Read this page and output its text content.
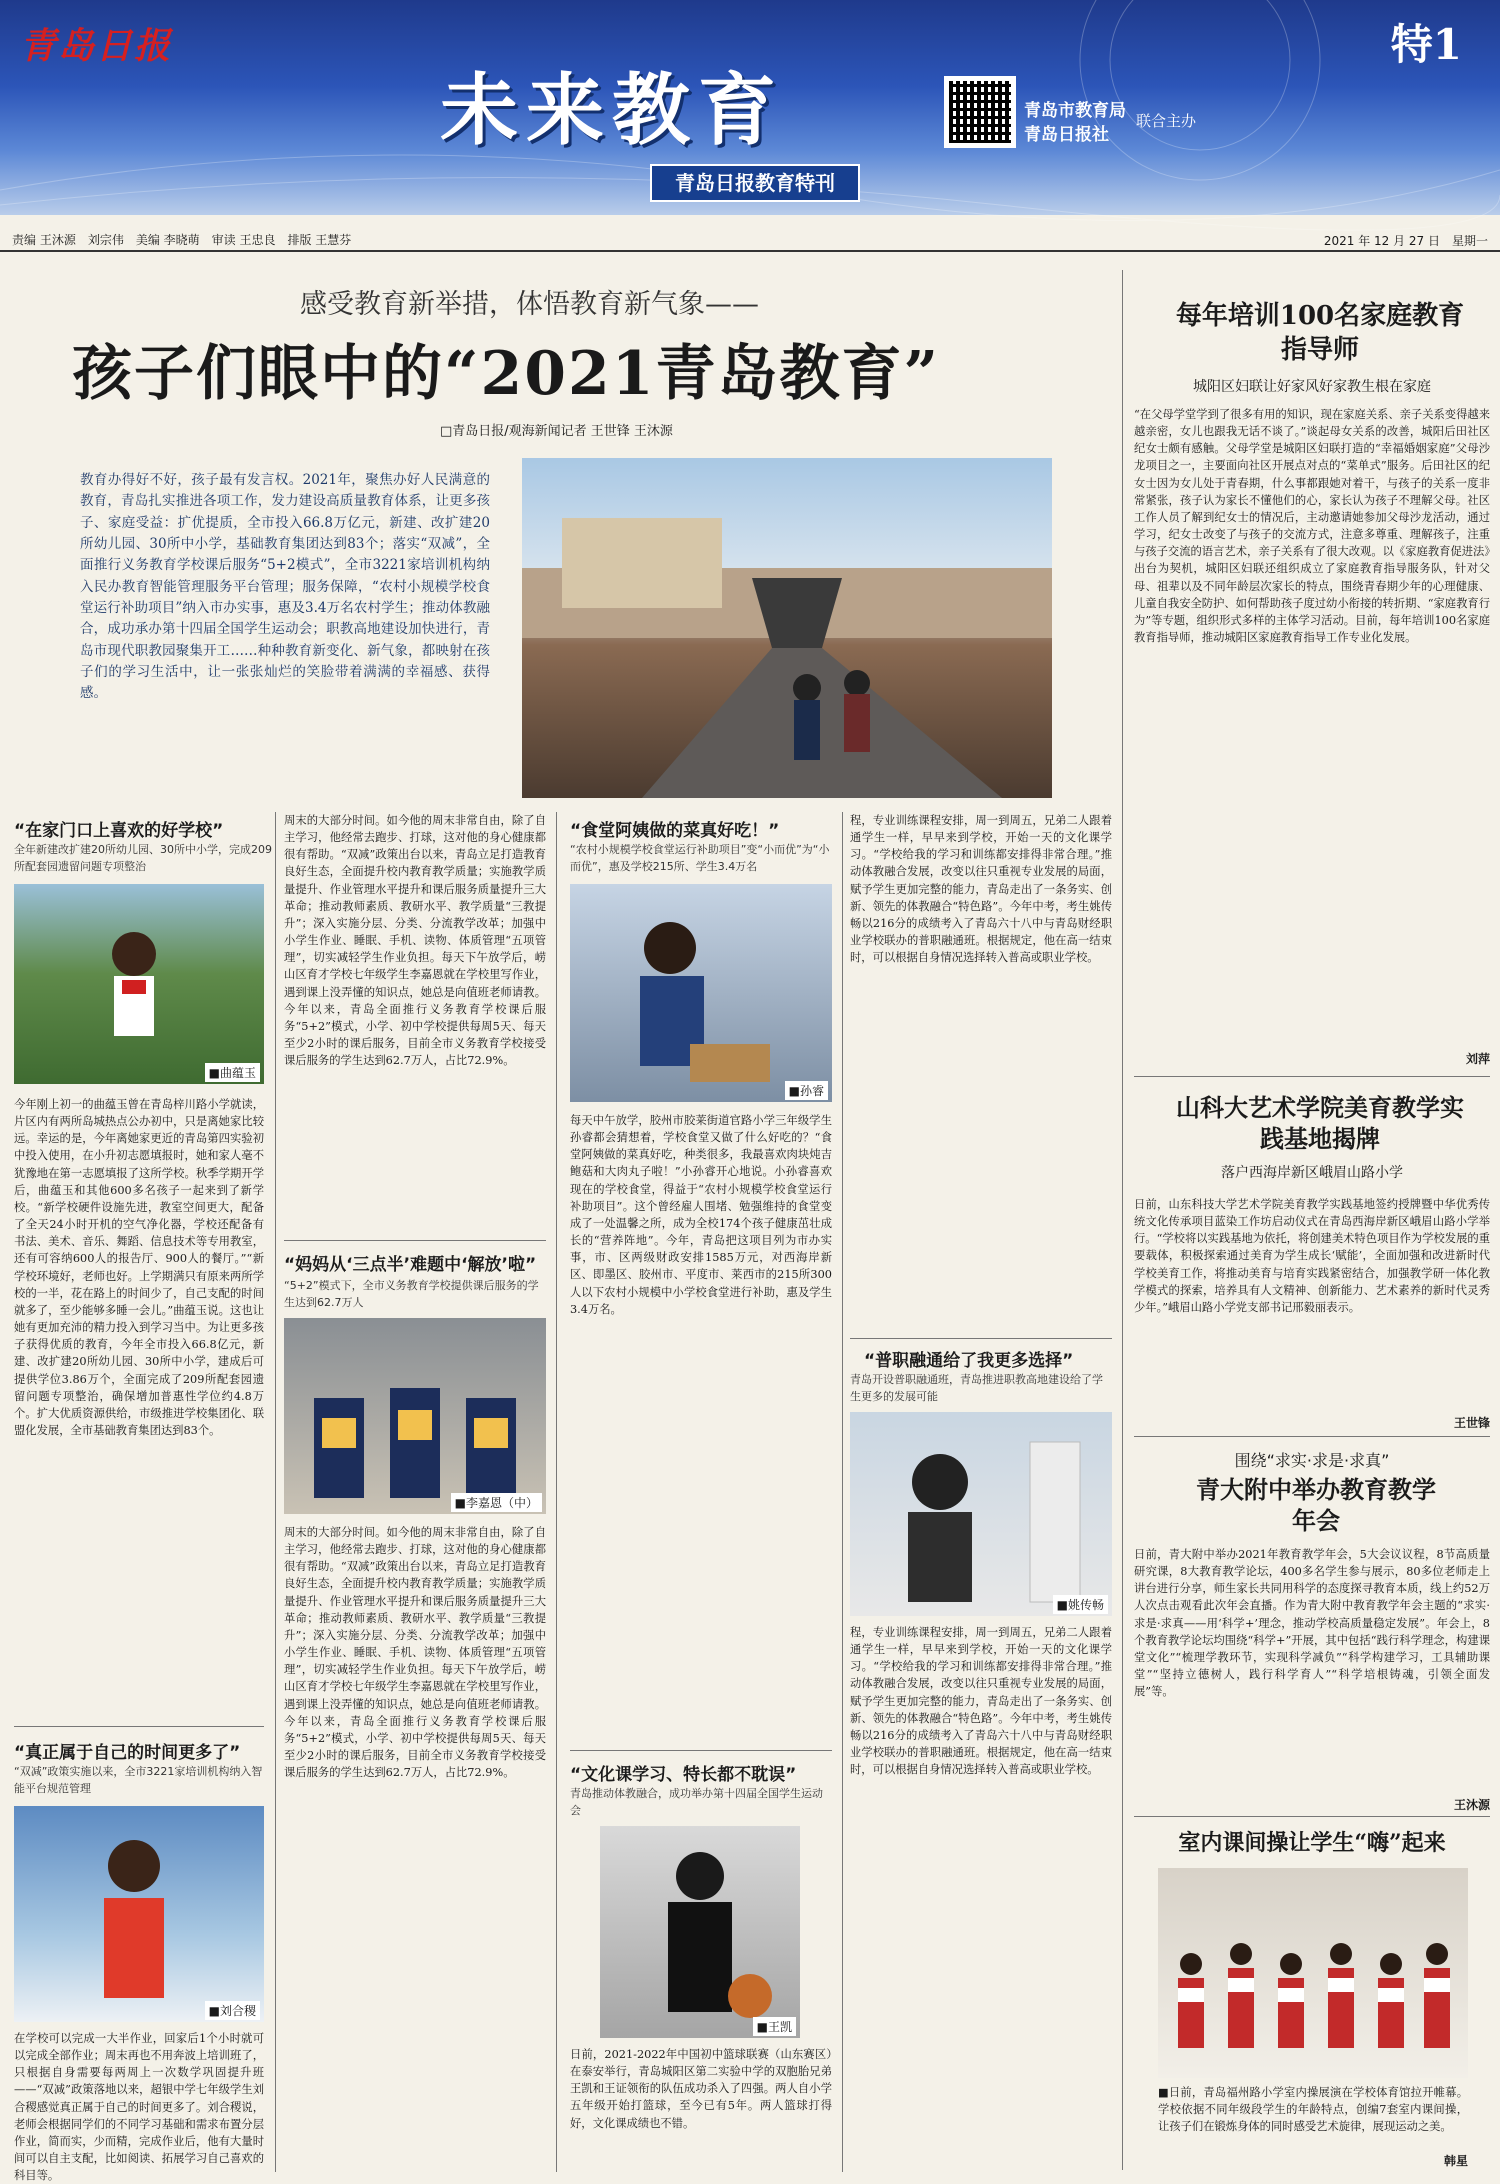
青岛日报
未来教育
特1
青岛市教育局
青岛日报社
联合主办
青岛日报教育特刊
责编 王沐源　刘宗伟　美编 李晓萌　审读 王忠良　排版 王慧芬	2021 年 12 月 27 日　星期一
感受教育新举措，体悟教育新气象——
孩子们眼中的“2021青岛教育”
□青岛日报/观海新闻记者 王世锋 王沐源
教育办得好不好，孩子最有发言权。2021年，聚焦办好人民满意的教育，青岛扎实推进各项工作，发力建设高质量教育体系，让更多孩子、家庭受益：扩优提质，全市投入66.8万亿元，新建、改扩建20所幼儿园、30所中小学，基础教育集团达到83个；落实“双减”，全面推行义务教育学校课后服务“5+2模式”，全市3221家培训机构纳入民办教育智能管理服务平台管理；服务保障，“农村小规模学校食堂运行补助项目”纳入市办实事，惠及3.4万名农村学生；推动体教融合，成功承办第十四届全国学生运动会；职教高地建设加快进行，青岛市现代职教园聚集开工……种种教育新变化、新气象，都映射在孩子们的学习生活中，让一张张灿烂的笑脸带着满满的幸福感、获得感。
“在家门口上喜欢的好学校”
全年新建改扩建20所幼儿园、30所中小学，完成209所配套园遗留问题专项整治
■曲蕴玉
今年刚上初一的曲蕴玉曾在青岛梓川路小学就读，片区内有两所岛城热点公办初中，只是离她家比较远。幸运的是，今年离她家更近的青岛第四实验初中投入使用，在小升初志愿填报时，她和家人毫不犹豫地在第一志愿填报了这所学校。秋季学期开学后，曲蕴玉和其他600多名孩子一起来到了新学校。“新学校硬件设施先进，教室空间更大，配备了全天24小时开机的空气净化器，学校还配备有书法、美术、音乐、舞蹈、信息技术等专用教室，还有可容纳600人的报告厅、900人的餐厅。”“新学校环境好，老师也好。上学期满只有原来两所学校的一半，花在路上的时间少了，自己支配的时间就多了，至少能够多睡一会儿。”曲蕴玉说。这也让她有更加充沛的精力投入到学习当中。为让更多孩子获得优质的教育，今年全市投入66.8亿元，新建、改扩建20所幼儿园、30所中小学，建成后可提供学位3.86万个，全面完成了209所配套园遗留问题专项整治，确保增加普惠性学位约4.8万个。扩大优质资源供给，市级推进学校集团化、联盟化发展，全市基础教育集团达到83个。
“真正属于自己的时间更多了”
“双减”政策实施以来，全市3221家培训机构纳入智能平台规范管理
■刘合稷
在学校可以完成一大半作业，回家后1个小时就可以完成全部作业；周末再也不用奔波上培训班了，只根据自身需要每两周上一次数学巩固提升班——“双减”政策落地以来，超银中学七年级学生刘合稷感觉真正属于自己的时间更多了。刘合稷说，老师会根据同学们的不同学习基础和需求布置分层作业，简而实，少而精，完成作业后，他有大量时间可以自主支配，比如阅读、拓展学习自己喜欢的科目等。
周末的大部分时间。如今他的周末非常自由，除了自主学习，他经常去跑步、打球，这对他的身心健康都很有帮助。“双减”政策出台以来，青岛立足打造教育良好生态，全面提升校内教育教学质量；实施教学质量提升、作业管理水平提升和课后服务质量提升三大革命；推动教师素质、教研水平、教学质量“三教提升”；深入实施分层、分类、分流教学改革；加强中小学生作业、睡眠、手机、读物、体质管理“五项管理”，切实减轻学生作业负担。每天下午放学后，崂山区育才学校七年级学生李嘉恩就在学校里写作业，遇到课上没弄懂的知识点，她总是向值班老师请教。今年以来，青岛全面推行义务教育学校课后服务“5+2”模式，小学、初中学校提供每周5天、每天至少2小时的课后服务，目前全市义务教育学校接受课后服务的学生达到62.7万人，占比72.9%。
“妈妈从‘三点半’难题中‘解放’啦”
“5+2”模式下，全市义务教育学校提供课后服务的学生达到62.7万人
■李嘉恩（中）
周末的大部分时间。如今他的周末非常自由，除了自主学习，他经常去跑步、打球，这对他的身心健康都很有帮助。“双减”政策出台以来，青岛立足打造教育良好生态，全面提升校内教育教学质量；实施教学质量提升、作业管理水平提升和课后服务质量提升三大革命；推动教师素质、教研水平、教学质量“三教提升”；深入实施分层、分类、分流教学改革；加强中小学生作业、睡眠、手机、读物、体质管理“五项管理”，切实减轻学生作业负担。每天下午放学后，崂山区育才学校七年级学生李嘉恩就在学校里写作业，遇到课上没弄懂的知识点，她总是向值班老师请教。今年以来，青岛全面推行义务教育学校课后服务“5+2”模式，小学、初中学校提供每周5天、每天至少2小时的课后服务，目前全市义务教育学校接受课后服务的学生达到62.7万人，占比72.9%。
“食堂阿姨做的菜真好吃！”
“农村小规模学校食堂运行补助项目”变“小而优”为“小而优”，惠及学校215所、学生3.4万名
■孙睿
每天中午放学，胶州市胶莱街道官路小学三年级学生孙睿都会猜想着，学校食堂又做了什么好吃的？“食堂阿姨做的菜真好吃，种类很多，我最喜欢肉块炖吉鲍菇和大肉丸子啦！”小孙睿开心地说。小孙睿喜欢现在的学校食堂，得益于“农村小规模学校食堂运行补助项目”。这个曾经雇人围堵、勉强维持的食堂变成了一处温馨之所，成为全校174个孩子健康茁壮成长的“营养阵地”。今年，青岛把这项目列为市办实事，市、区两级财政安排1585万元，对西海岸新区、即墨区、胶州市、平度市、莱西市的215所300人以下农村小规模中小学校食堂进行补助，惠及学生3.4万名。
“文化课学习、特长都不耽误”
青岛推动体教融合，成功举办第十四届全国学生运动会
■王凯
日前，2021-2022年中国初中篮球联赛（山东赛区）在泰安举行，青岛城阳区第二实验中学的双胞胎兄弟王凯和王证领衔的队伍成功杀入了四强。两人自小学五年级开始打篮球，至今已有5年。两人篮球打得好，文化课成绩也不错。
程，专业训练课程安排，周一到周五，兄弟二人跟着通学生一样，早早来到学校，开始一天的文化课学习。“学校给我的学习和训练都安排得非常合理。”推动体教融合发展，改变以往只重视专业发展的局面，赋予学生更加完整的能力，青岛走出了一条务实、创新、领先的体教融合“特色路”。今年中考，考生姚传畅以216分的成绩考入了青岛六十八中与青岛财经职业学校联办的普职融通班。根据规定，他在高一结束时，可以根据自身情况选择转入普高或职业学校。
“普职融通给了我更多选择”
青岛开设普职融通班，青岛推进职教高地建设给了学生更多的发展可能
■姚传畅
程，专业训练课程安排，周一到周五，兄弟二人跟着通学生一样，早早来到学校，开始一天的文化课学习。“学校给我的学习和训练都安排得非常合理。”推动体教融合发展，改变以往只重视专业发展的局面，赋予学生更加完整的能力，青岛走出了一条务实、创新、领先的体教融合“特色路”。今年中考，考生姚传畅以216分的成绩考入了青岛六十八中与青岛财经职业学校联办的普职融通班。根据规定，他在高一结束时，可以根据自身情况选择转入普高或职业学校。
每年培训100名家庭教育指导师
城阳区妇联让好家风好家教生根在家庭
“在父母学堂学到了很多有用的知识，现在家庭关系、亲子关系变得越来越亲密，女儿也跟我无话不谈了。”谈起母女关系的改善，城阳后田社区纪女士颇有感触。父母学堂是城阳区妇联打造的“幸福婚姻家庭”父母沙龙项目之一，主要面向社区开展点对点的“菜单式”服务。后田社区的纪女士因为女儿处于青春期，什么事都跟她对着干，与孩子的关系一度非常紧张，孩子认为家长不懂他们的心，家长认为孩子不理解父母。社区工作人员了解到纪女士的情况后，主动邀请她参加父母沙龙活动，通过学习，纪女士改变了与孩子的交流方式，注意多尊重、理解孩子，注重与孩子交流的语言艺术，亲子关系有了很大改观。以《家庭教育促进法》出台为契机，城阳区妇联还组织成立了家庭教育指导服务队，针对父母、祖辈以及不同年龄层次家长的特点，围绕青春期少年的心理健康、儿童自我安全防护、如何帮助孩子度过幼小衔接的转折期、“家庭教育行为”等专题，组织形式多样的主体学习活动。目前，每年培训100名家庭教育指导师，推动城阳区家庭教育指导工作专业化发展。
刘萍
山科大艺术学院美育教学实践基地揭牌
落户西海岸新区峨眉山路小学
日前，山东科技大学艺术学院美育教学实践基地签约授牌暨中华优秀传统文化传承项目蓝染工作坊启动仪式在青岛西海岸新区峨眉山路小学举行。“学校将以实践基地为依托，将创建美术特色项目作为学校发展的重要载体，积极探索通过美育为学生成长‘赋能’，全面加强和改进新时代学校美育工作，将推动美育与培育实践紧密结合，加强教学研一体化教学模式的探索，培养具有人文精神、创新能力、艺术素养的新时代灵秀少年。”峨眉山路小学党支部书记邢毅丽表示。
王世锋
围绕“求实·求是·求真”
青大附中举办教育教学年会
日前，青大附中举办2021年教育教学年会，5大会议议程，8节高质量研究课，8大教育教学论坛，400多名学生参与展示，80多位老师走上讲台进行分享，师生家长共同用科学的态度探寻教育本质，线上约52万人次点击观看此次年会直播。作为青大附中教育教学年会主题的“求实·求是·求真——用‘科学+’理念，推动学校高质量稳定发展”。年会上，8个教育教学论坛均围绕“科学+”开展，其中包括“践行科学理念，构建课堂文化”“梳理学教环节，实现科学减负”“科学构建学习，工具辅助课堂”“坚持立德树人，践行科学育人”“科学培根铸魂，引领全面发展”等。
王沐源
室内课间操让学生“嗨”起来
■日前，青岛福州路小学室内操展演在学校体育馆拉开帷幕。学校依据不同年级段学生的年龄特点，创编7套室内课间操，让孩子们在锻炼身体的同时感受艺术旋律，展现运动之美。
韩星
